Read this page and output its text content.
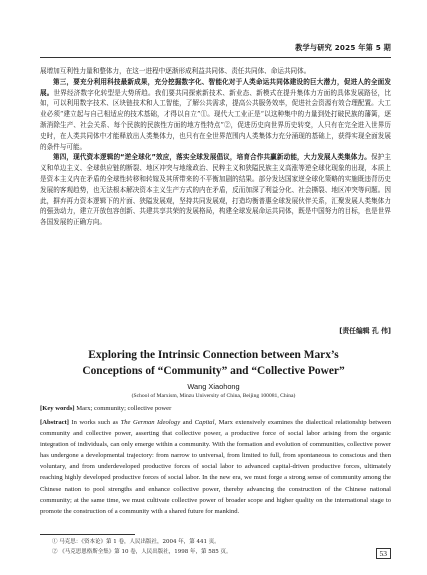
教学与研究 2025 年第 5 期

展增加互利性力量和整体力，在这一进程中逐渐形成利益共同体、责任共同体、命运共同体。

第三，要充分利用科技最新成果，充分挖掘数字化、智能化对于人类命运共同体建设的巨大潜力，促进人的全面发展。世界经济数字化转型是大势所趋。我们要共同探索新技术、新业态、新模式在提升集体力方面的具体发展路径，比如，可以利用数字技术、区块链技术和人工智能，了解公共需求，提高公共服务效率，促进社会资源有效合理配置。大工业必须“建立起与自己相适应的技术基础，才得以自立”①。现代大工业正是“以这种集中的力量到处打破民族的藩篱，逐渐消除生产、社会关系、每个民族的民族性方面的地方性特点”②，促进历史向世界历史转变，人只有在完全进入世界历史时，在人类共同体中才能释放出人类集体力，也只有在全世界范围内人类集体力充分涌现的基础上，获得实现全面发展的条件与可能。

第四，现代资本逻辑的“逆全球化”效应，落实全球发展倡议，培育合作共赢新动能，大力发展人类集体力。保护主义和单边主义、全球供应链的断裂、地区冲突与地缘政治、民粹主义和狭隘民族主义高涨等逆全球化现象的出现，本质上是资本主义内在矛盾的全球性转移和转嫁及其所带来的不平衡加剧的结果。部分发达国家逆全球化策略的实施既违背历史发展的客观趋势，也无法根本解决资本主义生产方式的内在矛盾，反而加深了利益分化、社会撕裂、地区冲突等问题。因此，摒弃再力资本逻辑下的片面、狭隘发展观，坚持共同发展观，打造均衡普惠全球发展伙伴关系，汇聚发展人类集体力的强劲动力，建立开放包容创新、共建共享共荣的发展格局，构建全球发展命运共同体，既是中国努力的目标，也是世界各国发展的正确方向。

[责任编辑 孔 伟]
Exploring the Intrinsic Connection between Marx’s
Conceptions of “Community” and “Collective Power”
Wang Xiaohong
(School of Marxism, Minzu University of China, Beijing 100081, China)
[Key words] Marx; community; collective power
[Abstract] In works such as The German Ideology and Capital, Marx extensively examines the dialectical relationship between community and collective power, asserting that collective power, a productive force of social labor arising from the organic integration of individuals, can only emerge within a community. With the formation and evolution of communities, collective power has undergone a developmental trajectory: from narrow to universal, from limited to full, from spontaneous to conscious and then voluntary, and from underdeveloped productive forces of social labor to advanced capital-driven productive forces, ultimately reaching highly developed productive forces of social labor. In the new era, we must forge a strong sense of community among the Chinese nation to pool strengths and enhance collective power, thereby advancing the construction of the Chinese national community; at the same time, we must cultivate collective power of broader scope and higher quality on the international stage to promote the construction of a community with a shared future for mankind.
① 马克思：《资本论》第 1 卷，人民出版社，2004 年，第 441 页。
② 《马克思恩格斯全集》第 10 卷，人民出版社，1998 年，第 585 页。	53
